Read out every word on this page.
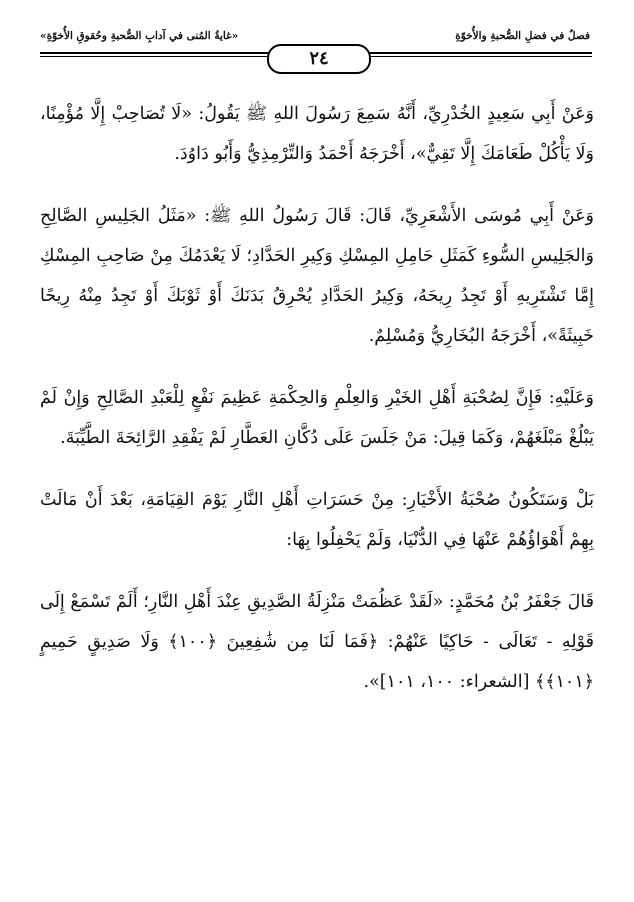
فصلٌ في فضلِ الصُّحبةِ والأُخوّةِ
«غايةُ المُنى في آدابِ الصُّحبةِ وحُقوقِ الأُخوّةِ»
٢٤

وَعَنْ أَبِي سَعِيدٍ الخُدْرِيِّ، أَنَّهُ سَمِعَ رَسُولَ اللهِ ﷺ يَقُولُ: «لَا تُصَاحِبْ إِلَّا مُؤْمِنًا، وَلَا يَأْكُلْ طَعَامَكَ إِلَّا تَقِيٌّ»، أَخْرَجَهُ أَحْمَدُ وَالتِّرْمِذِيُّ وَأَبُو دَاوُدَ.

وَعَنْ أَبِي مُوسَى الأَشْعَرِيِّ، قَالَ: قَالَ رَسُولُ اللهِ ﷺ: «مَثَلُ الجَلِيسِ الصَّالِحِ وَالجَلِيسِ السُّوءِ كَمَثَلِ حَامِلِ المِسْكِ وَكِيرِ الحَدَّادِ؛ لَا يَعْدَمُكَ مِنْ صَاحِبِ المِسْكِ إِمَّا تَشْتَرِيهِ أَوْ تَجِدُ رِيحَهُ، وَكِيرُ الحَدَّادِ يُحْرِقُ بَدَنَكَ أَوْ ثَوْبَكَ أَوْ تَجِدُ مِنْهُ رِيحًا خَبِيثَةً»، أَخْرَجَهُ البُخَارِيُّ وَمُسْلِمٌ.

وَعَلَيْهِ: فَإِنَّ لِصُحْبَةِ أَهْلِ الخَيْرِ وَالعِلْمِ وَالحِكْمَةِ عَظِيمَ نَفْعٍ لِلْعَبْدِ الصَّالِحِ وَإِنْ لَمْ يَبْلُغْ مَبْلَغَهُمْ، وَكَمَا قِيلَ: مَنْ جَلَسَ عَلَى دُكَّانِ العَطَّارِ لَمْ يَفْقِدِ الرَّائِحَةَ الطَّيِّبَةَ.

بَلْ وَسَتَكُونُ صُحْبَةُ الأَخْيَارِ: مِنْ حَسَرَاتِ أَهْلِ النَّارِ يَوْمَ القِيَامَةِ، بَعْدَ أَنْ مَالَتْ بِهِمْ أَهْوَاؤُهُمْ عَنْهَا فِي الدُّنْيَا، وَلَمْ يَحْفِلُوا بِهَا:

قَالَ جَعْفَرُ بْنُ مُحَمَّدٍ: «لَقَدْ عَظُمَتْ مَنْزِلَةُ الصَّدِيقِ عِنْدَ أَهْلِ النَّارِ؛ أَلَمْ تَسْمَعْ إِلَى قَوْلِهِ - تَعَالَى - حَاكِيًا عَنْهُمْ: ﴿فَمَا لَنَا مِن شَٰفِعِينَ ﴿١٠٠﴾ وَلَا صَدِيقٍ حَمِيمٍ ﴿١٠١﴾﴾ [الشعراء: ١٠٠، ١٠١]».
